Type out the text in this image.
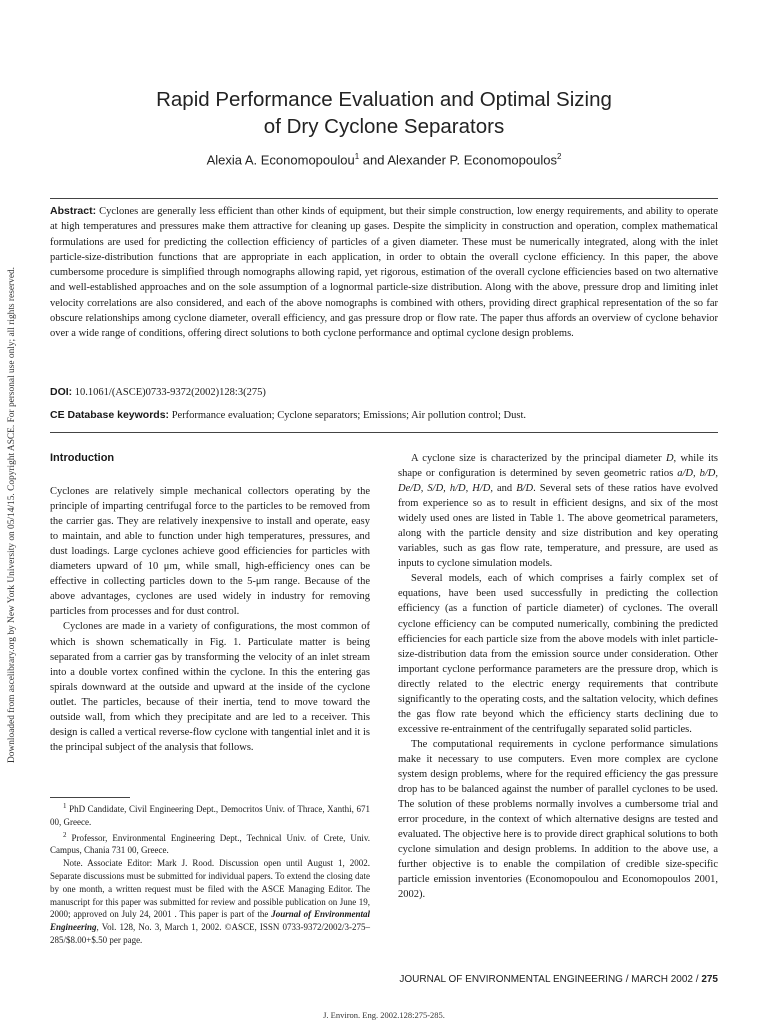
Downloaded from ascelibrary.org by New York University on 05/14/15. Copyright ASCE. For personal use only; all rights reserved.
Rapid Performance Evaluation and Optimal Sizing
of Dry Cyclone Separators
Alexia A. Economopoulou$^1$ and Alexander P. Economopoulos$^2$
Abstract: Cyclones are generally less efficient than other kinds of equipment, but their simple construction, low energy requirements, and ability to operate at high temperatures and pressures make them attractive for cleaning up gases. Despite the simplicity in construction and operation, complex mathematical formulations are used for predicting the collection efficiency of particles of a given diameter. These must be numerically integrated, along with the inlet particle-size-distribution functions that are appropriate in each application, in order to obtain the overall cyclone efficiency. In this paper, the above cumbersome procedure is simplified through nomographs allowing rapid, yet rigorous, estimation of the overall cyclone efficiencies based on two alternative and well-established approaches and on the sole assumption of a lognormal particle-size distribution. Along with the above, pressure drop and limiting inlet velocity correlations are also considered, and each of the above nomographs is combined with others, providing direct graphical representation of the so far obscure relationships among cyclone diameter, overall efficiency, and gas pressure drop or flow rate. The paper thus affords an overview of cyclone behavior over a wide range of conditions, offering direct solutions to both cyclone performance and optimal cyclone design problems.
DOI: 10.1061/(ASCE)0733-9372(2002)128:3(275)
CE Database keywords: Performance evaluation; Cyclone separators; Emissions; Air pollution control; Dust.
Introduction

Cyclones are relatively simple mechanical collectors operating by the principle of imparting centrifugal force to the particles to be removed from the carrier gas. They are relatively inexpensive to install and operate, easy to maintain, and able to function under high temperatures, pressures, and dust loadings. Large cyclones achieve good efficiencies for particles with diameters upward of 10 μm, while small, high-efficiency ones can be effective in collecting particles down to the 5-μm range. Because of the above advantages, cyclones are used widely in industry for removing particles from processes and for dust control.

Cyclones are made in a variety of configurations, the most common of which is shown schematically in Fig. 1. Particulate matter is being separated from a carrier gas by transforming the velocity of an inlet stream into a double vortex confined within the cyclone. In this the entering gas spirals downward at the outside and upward at the inside of the cyclone outlet. The particles, because of their inertia, tend to move toward the outside wall, from which they precipitate and are led to a receiver. This design is called a vertical reverse-flow cyclone with tangential inlet and it is the principal subject of the analysis that follows.

$^1$ PhD Candidate, Civil Engineering Dept., Democritos Univ. of Thrace, Xanthi, 671 00, Greece.

$^2$ Professor, Environmental Engineering Dept., Technical Univ. of Crete, Univ. Campus, Chania 731 00, Greece.

Note. Associate Editor: Mark J. Rood. Discussion open until August 1, 2002. Separate discussions must be submitted for individual papers. To extend the closing date by one month, a written request must be filed with the ASCE Managing Editor. The manuscript for this paper was submitted for review and possible publication on June 19, 2000; approved on July 24, 2001 . This paper is part of the Journal of Environmental Engineering, Vol. 128, No. 3, March 1, 2002. ©ASCE, ISSN 0733-9372/2002/3-275–285/$8.00+$.50 per page.

A cyclone size is characterized by the principal diameter D, while its shape or configuration is determined by seven geometric ratios a/D, b/D, De/D, S/D, h/D, H/D, and B/D. Several sets of these ratios have evolved from experience so as to result in efficient designs, and six of the most widely used ones are listed in Table 1. The above geometrical parameters, along with the particle density and size distribution and key operating variables, such as gas flow rate, temperature, and pressure, are used as inputs to cyclone simulation models.

Several models, each of which comprises a fairly complex set of equations, have been used successfully in predicting the collection efficiency (as a function of particle diameter) of cyclones. The overall cyclone efficiency can be computed numerically, combining the predicted efficiencies for each particle size from the above models with inlet particle-size-distribution data from the emission source under consideration. Other important cyclone performance parameters are the pressure drop, which is directly related to the electric energy requirements that contribute significantly to the operating costs, and the saltation velocity, which defines the gas flow rate beyond which the efficiency starts declining due to excessive re-entrainment of the centrifugally separated solid particles.

The computational requirements in cyclone performance simulations make it necessary to use computers. Even more complex are cyclone system design problems, where for the required efficiency the gas pressure drop has to be balanced against the number of parallel cyclones to be used. The solution of these problems normally involves a cumbersome trial and error procedure, in the context of which alternative designs are tested and evaluated. The objective here is to provide direct graphical solutions to both cyclone simulation and design problems. In addition to the above use, a further objective is to enable the compilation of credible size-specific particle emission inventories (Economopoulou and Economopoulos 2001, 2002).

JOURNAL OF ENVIRONMENTAL ENGINEERING / MARCH 2002 / 275
J. Environ. Eng. 2002.128:275-285.
